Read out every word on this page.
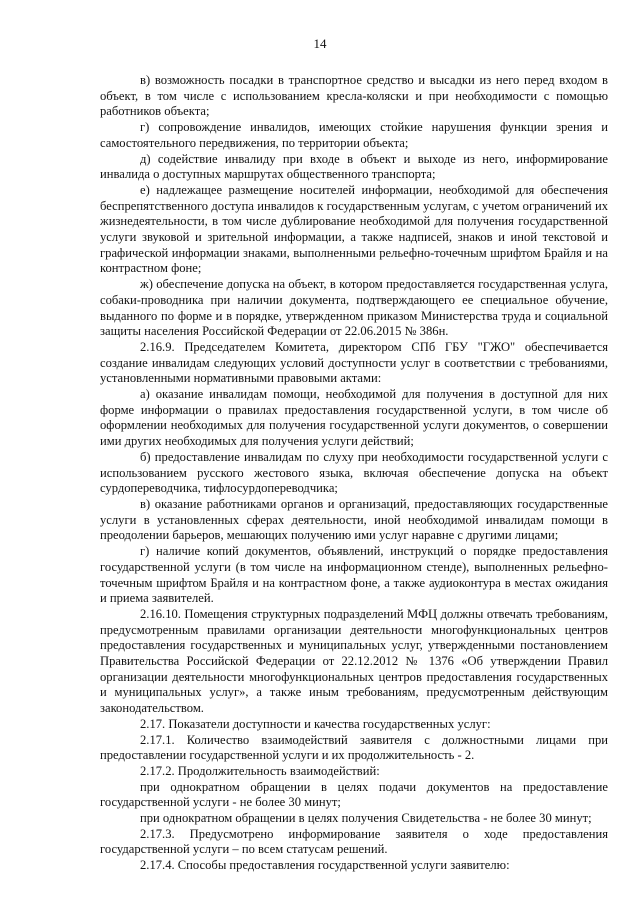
14

в) возможность посадки в транспортное средство и высадки из него перед входом в объект, в том числе с использованием кресла-коляски и при необходимости с помощью работников объекта;

г) сопровождение инвалидов, имеющих стойкие нарушения функции зрения и самостоятельного передвижения, по территории объекта;

д) содействие инвалиду при входе в объект и выходе из него, информирование инвалида о доступных маршрутах общественного транспорта;

е) надлежащее размещение носителей информации, необходимой для обеспечения беспрепятственного доступа инвалидов к государственным услугам, с учетом ограничений их жизнедеятельности, в том числе дублирование необходимой для получения государственной услуги звуковой и зрительной информации, а также надписей, знаков и иной текстовой и графической информации знаками, выполненными рельефно-точечным шрифтом Брайля и на контрастном фоне;

ж) обеспечение допуска на объект, в котором предоставляется государственная услуга, собаки-проводника при наличии документа, подтверждающего ее специальное обучение, выданного по форме и в порядке, утвержденном приказом Министерства труда и социальной защиты населения Российской Федерации от 22.06.2015 № 386н.

2.16.9. Председателем Комитета, директором СПб ГБУ "ГЖО" обеспечивается создание инвалидам следующих условий доступности услуг в соответствии с требованиями, установленными нормативными правовыми актами:

а) оказание инвалидам помощи, необходимой для получения в доступной для них форме информации о правилах предоставления государственной услуги, в том числе об оформлении необходимых для получения государственной услуги документов, о совершении ими других необходимых для получения услуги действий;

б) предоставление инвалидам по слуху при необходимости государственной услуги с использованием русского жестового языка, включая обеспечение допуска на объект сурдопереводчика, тифлосурдопереводчика;

в) оказание работниками органов и организаций, предоставляющих государственные услуги в установленных сферах деятельности, иной необходимой инвалидам помощи в преодолении барьеров, мешающих получению ими услуг наравне с другими лицами;

г) наличие копий документов, объявлений, инструкций о порядке предоставления государственной услуги (в том числе на информационном стенде), выполненных рельефно-точечным шрифтом Брайля и на контрастном фоне, а также аудиоконтура в местах ожидания и приема заявителей.

2.16.10. Помещения структурных подразделений МФЦ должны отвечать требованиям, предусмотренным правилами организации деятельности многофункциональных центров предоставления государственных и муниципальных услуг, утвержденными постановлением Правительства Российской Федерации от 22.12.2012 № 1376 «Об утверждении Правил организации деятельности многофункциональных центров предоставления государственных и муниципальных услуг», а также иным требованиям, предусмотренным действующим законодательством.

2.17. Показатели доступности и качества государственных услуг:

2.17.1. Количество взаимодействий заявителя с должностными лицами при предоставлении государственной услуги и их продолжительность - 2.

2.17.2. Продолжительность взаимодействий:

при однократном обращении в целях подачи документов на предоставление государственной услуги - не более 30 минут;

при однократном обращении в целях получения Свидетельства - не более 30 минут;

2.17.3. Предусмотрено информирование заявителя о ходе предоставления государственной услуги – по всем статусам решений.

2.17.4. Способы предоставления государственной услуги заявителю:
